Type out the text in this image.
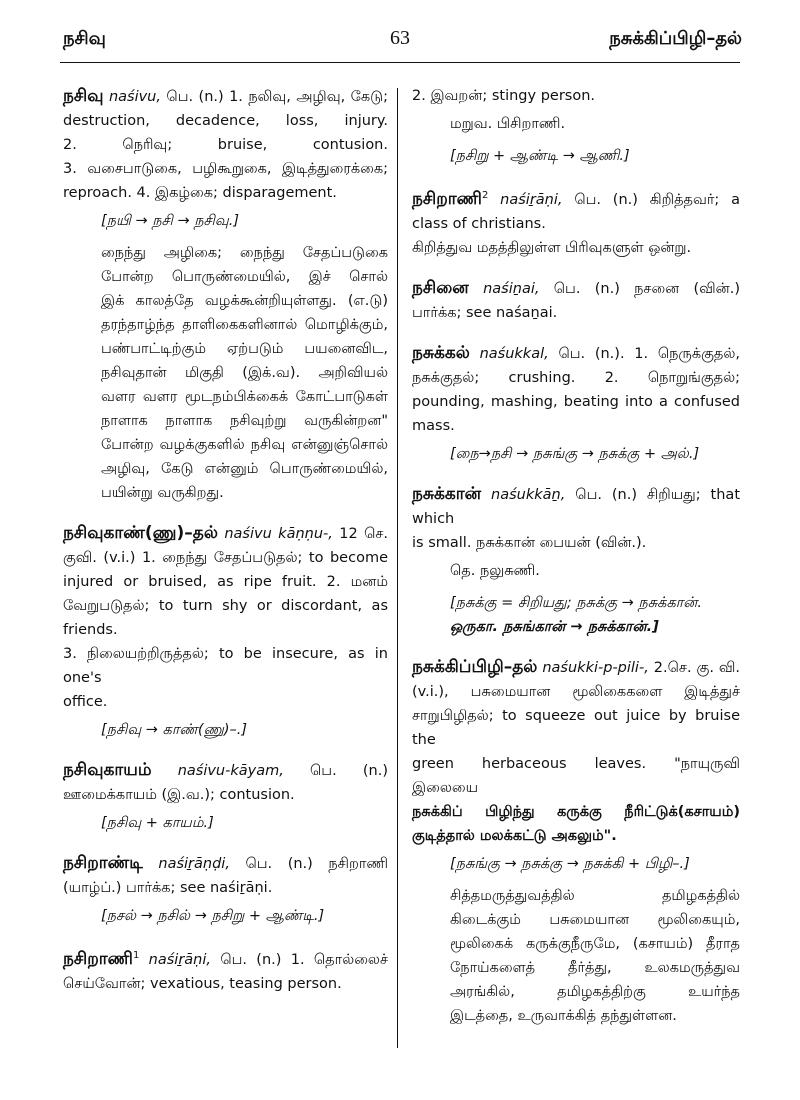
நசிவு	63	நசுக்கிப்பிழி–தல்
நசிவு naśivu, பெ. (n.) 1. நலிவு, அழிவு, கேடு;
destruction, decadence, loss, injury.
2. நெரிவு; bruise, contusion.
3. வசைபாடுகை, பழிகூறுகை, இடித்துரைக்கை;
reproach. 4. இகழ்கை; disparagement.
[நயி → நசி → நசிவு.]
நைந்து அழிகை; நைந்து சேதப்படுகை
போன்ற பொருண்மையில், இச் சொல்
இக் காலத்தே வழக்கூன்றியுள்ளது. (எ.டு)
தரந்தாழ்ந்த தாளிகைகளினால் மொழிக்கும்,
பண்பாட்டிற்கும் ஏற்படும் பயனைவிட,
நசிவுதான் மிகுதி (இக்.வ). அறிவியல்
வளர வளர மூடநம்பிக்கைக் கோட்பாடுகள்
நாளாக நாளாக நசிவுற்று வருகின்றன"
போன்ற வழக்குகளில் நசிவு என்னுஞ்சொல்
அழிவு, கேடு என்னும் பொருண்மையில்,
பயின்று வருகிறது.
நசிவுகாண்(ணு)–தல் naśivu kāṇṇu-, 12 செ.
குவி. (v.i.) 1. நைந்து சேதப்படுதல்; to become
injured or bruised, as ripe fruit. 2. மனம்
வேறுபடுதல்; to turn shy or discordant, as friends.
3. நிலையற்றிருத்தல்; to be insecure, as in one's
office.
[நசிவு → காண்(ணு)–.]
நசிவுகாயம் naśivu-kāyam, பெ. (n.)
ஊமைக்காயம் (இ.வ.); contusion.
[நசிவு + காயம்.]
நசிறாண்டி naśiṟāṇḍi, பெ. (n.) நசிறாணி
(யாழ்ப்.) பார்க்க; see naśiṟāṇi.
[நசல் → நசில் → நசிறு + ஆண்டி.]
நசிறாணி$^1$ naśiṟāṇi, பெ. (n.) 1. தொல்லைச்
செய்வோன்; vexatious, teasing person.
2. இவறன்; stingy person.
மறுவ. பிசிறாணி.
[நசிறு + ஆண்டி → ஆணி.]
நசிறாணி$^2$ naśiṟāṇi, பெ. (n.) கிறித்தவர்; a
class of christians.
கிறித்துவ மதத்திலுள்ள பிரிவுகளுள் ஒன்று.
நசினை naśiṉai, பெ. (n.) நசனை (வின்.)
பார்க்க; see naśaṉai.
நசுக்கல் naśukkal, பெ. (n.). 1. நெருக்குதல்,
நசுக்குதல்; crushing. 2. நொறுங்குதல்;
pounding, mashing, beating into a confused
mass.
[நை→நசி → நசுங்கு → நசுக்கு + அல்.]
நசுக்கான் naśukkāṉ, பெ. (n.) சிறியது; that which
is small. நசுக்கான் பையன் (வின்.).
தெ. நலுசுணி.
[நசுக்கு = சிறியது; நசுக்கு → நசுக்கான்.
ஒருகா. நசுங்கான் → நசுக்கான்.]
நசுக்கிப்பிழி–தல் naśukki-p-pili-, 2.செ. கு. வி.
(v.i.), பசுமையான மூலிகைகளை இடித்துச்
சாறுபிழிதல்; to squeeze out juice by bruise the
green herbaceous leaves. "நாயுருவி இலையை
நசுக்கிப் பிழிந்து கருக்கு நீரிட்டுக்(கசாயம்)
குடித்தால் மலக்கட்டு அகலும்".
[நசுங்கு → நசுக்கு → நசுக்கி + பிழி–.]
சித்தமருத்துவத்தில் தமிழகத்தில்
கிடைக்கும் பசுமையான மூலிகையும்,
மூலிகைக் கருக்குநீருமே, (கசாயம்) தீராத
நோய்களைத் தீர்த்து, உலகமருத்துவ
அரங்கில், தமிழகத்திற்கு உயர்ந்த
இடத்தை, உருவாக்கித் தந்துள்ளன.
